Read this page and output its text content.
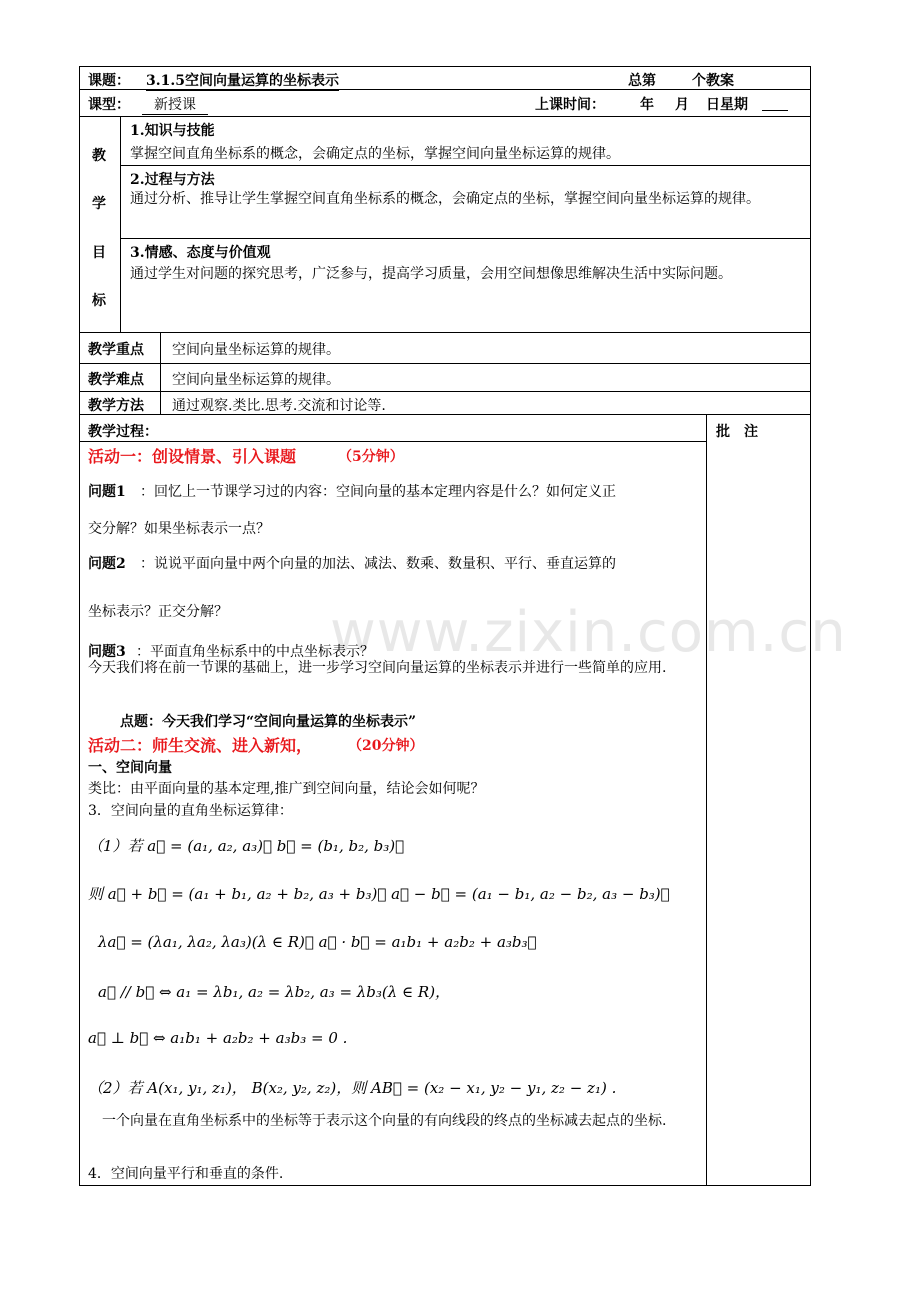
www.zixin.com.cn
课题： 3.1.5空间向量运算的坐标表示	总第	个教案
课型：	新授课	上课时间：	年 月 日星期
教
学
目
标
1.知识与技能
掌握空间直角坐标系的概念，会确定点的坐标，掌握空间向量坐标运算的规律。
2.过程与方法
通过分析、推导让学生掌握空间直角坐标系的概念，会确定点的坐标，掌握空间向量坐标运算的规律。
3.情感、态度与价值观
通过学生对问题的探究思考，广泛参与，提高学习质量，会用空间想像思维解决生活中实际问题。
教学重点 空间向量坐标运算的规律。
教学难点 空间向量坐标运算的规律。
教学方法 通过观察.类比.思考.交流和讨论等.
批　注
教学过程：
活动一：创设情景、引入课题	（5分钟）
问题1 ：回忆上一节课学习过的内容：空间向量的基本定理内容是什么？如何定义正
交分解？如果坐标表示一点？
问题2 ：说说平面向量中两个向量的加法、减法、数乘、数量积、平行、垂直运算的
坐标表示？正交分解？
问题3 ：平面直角坐标系中的中点坐标表示？
今天我们将在前一节课的基础上，进一步学习空间向量运算的坐标表示并进行一些简单的应用.
点题：今天我们学习“空间向量运算的坐标表示”
活动二：师生交流、进入新知，	（20分钟）
一、空间向量
类比：由平面向量的基本定理,推广到空间向量，结论会如何呢？
3．空间向量的直角坐标运算律：
（1）若 a⃗ = (a₁, a₂, a₃)， b⃗ = (b₁, b₂, b₃)，
则 a⃗ + b⃗ = (a₁ + b₁, a₂ + b₂, a₃ + b₃)， a⃗ − b⃗ = (a₁ − b₁, a₂ − b₂, a₃ − b₃)，
λa⃗ = (λa₁, λa₂, λa₃)(λ ∈ R)， a⃗ · b⃗ = a₁b₁ + a₂b₂ + a₃b₃，
a⃗ // b⃗ ⇔ a₁ = λb₁, a₂ = λb₂, a₃ = λb₃(λ ∈ R)，
a⃗ ⊥ b⃗ ⇔ a₁b₁ + a₂b₂ + a₃b₃ = 0 .
（2）若 A(x₁, y₁, z₁)， B(x₂, y₂, z₂)，则 AB⃗ = (x₂ − x₁, y₂ − y₁, z₂ − z₁) .
一个向量在直角坐标系中的坐标等于表示这个向量的有向线段的终点的坐标减去起点的坐标.
4．空间向量平行和垂直的条件.
